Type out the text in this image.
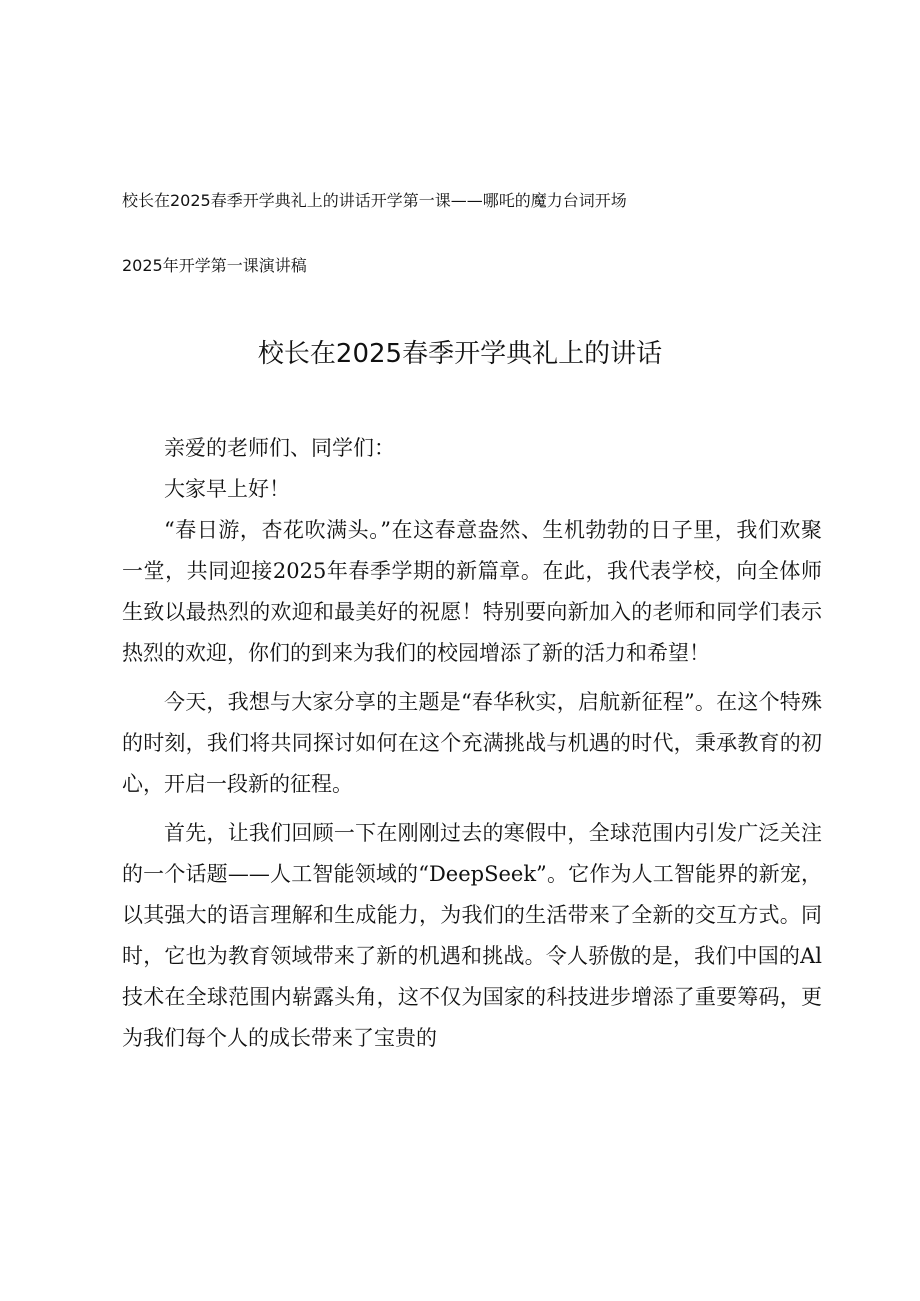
校长在2025春季开学典礼上的讲话开学第一课——哪吒的魔力台词开场
2025年开学第一课演讲稿
校长在2025春季开学典礼上的讲话

亲爱的老师们、同学们：

大家早上好！

“春日游，杏花吹满头。”在这春意盎然、生机勃勃的日子里，我们欢聚一堂，共同迎接2025年春季学期的新篇章。在此，我代表学校，向全体师生致以最热烈的欢迎和最美好的祝愿！特别要向新加入的老师和同学们表示热烈的欢迎，你们的到来为我们的校园增添了新的活力和希望！

今天，我想与大家分享的主题是“春华秋实，启航新征程”。在这个特殊的时刻，我们将共同探讨如何在这个充满挑战与机遇的时代，秉承教育的初心，开启一段新的征程。

首先，让我们回顾一下在刚刚过去的寒假中，全球范围内引发广泛关注的一个话题——人工智能领域的“DeepSeek”。它作为人工智能界的新宠，以其强大的语言理解和生成能力，为我们的生活带来了全新的交互方式。同时，它也为教育领域带来了新的机遇和挑战。令人骄傲的是，我们中国的Al技术在全球范围内崭露头角，这不仅为国家的科技进步增添了重要筹码，更为我们每个人的成长带来了宝贵的
